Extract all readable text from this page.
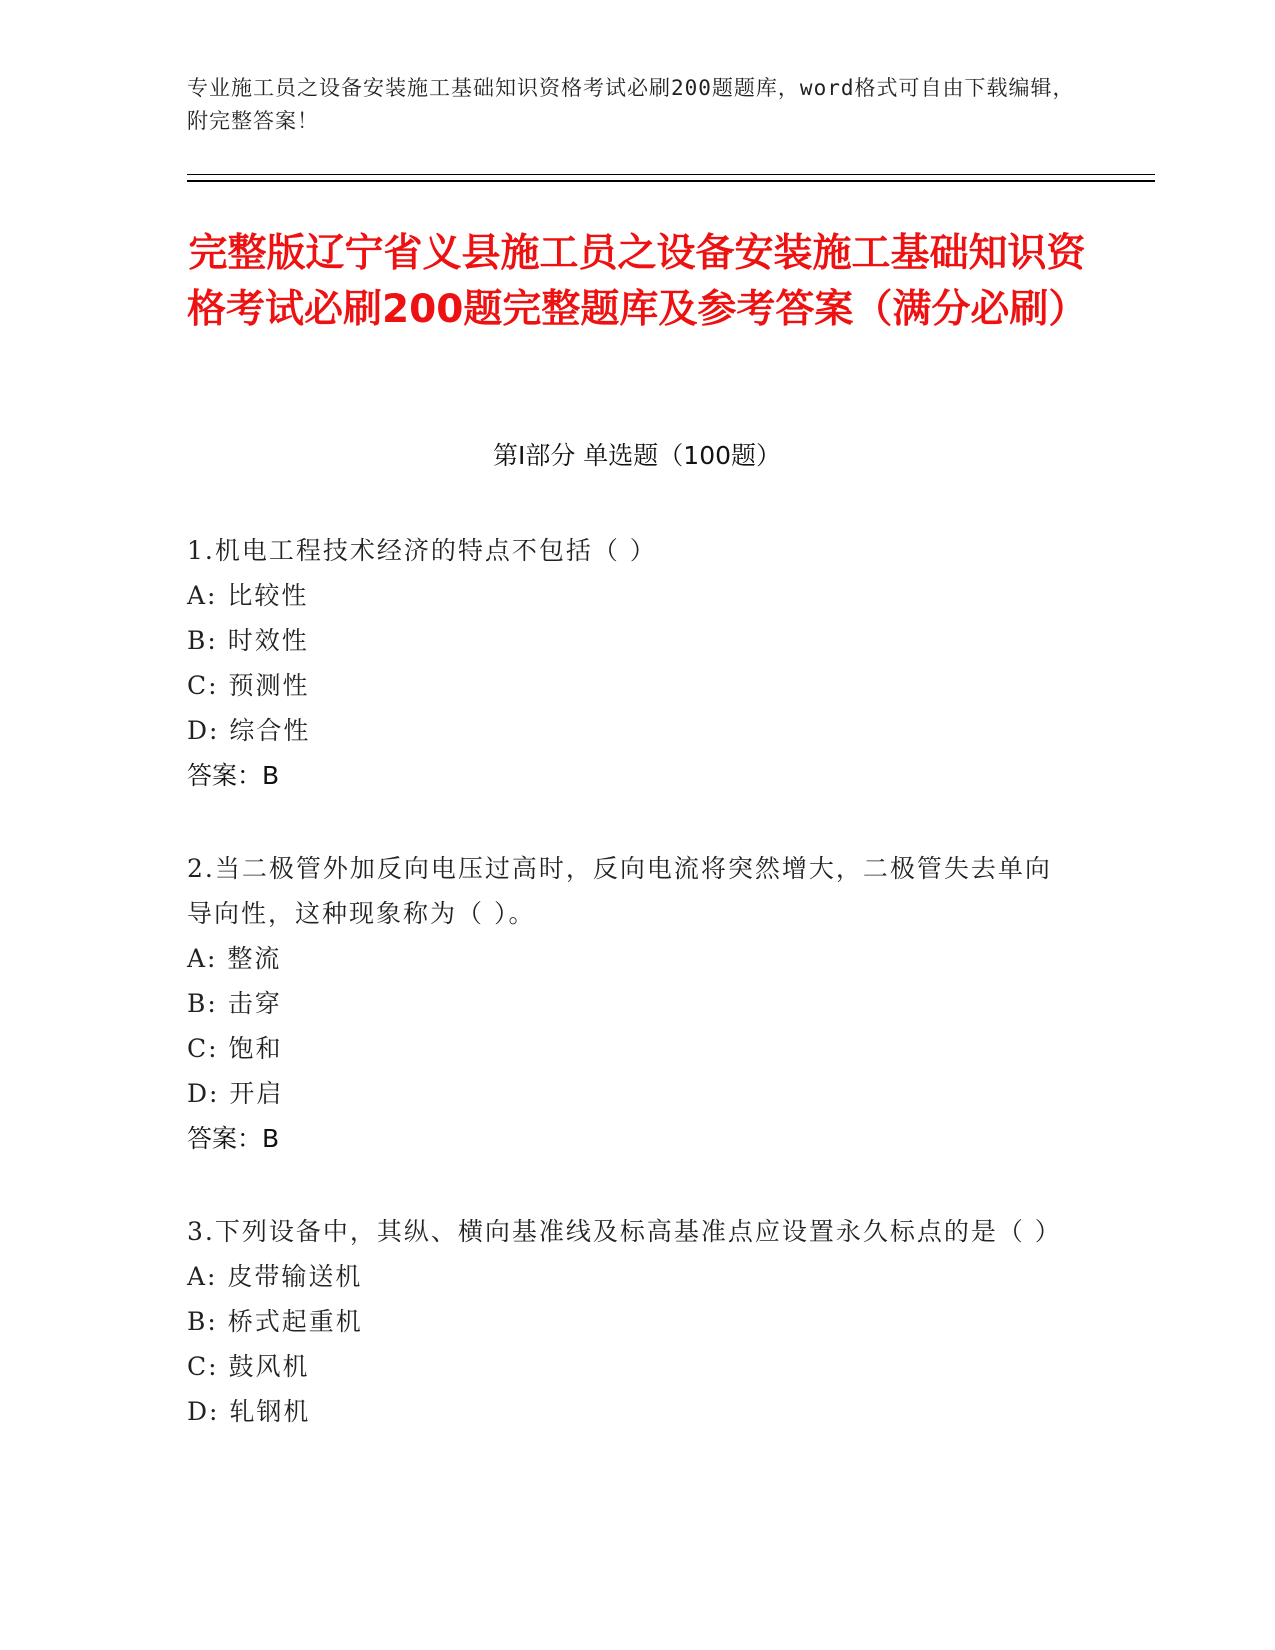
专业施工员之设备安装施工基础知识资格考试必刷200题题库，word格式可自由下载编辑，附完整答案！
完整版辽宁省义县施工员之设备安装施工基础知识资格考试必刷200题完整题库及参考答案（满分必刷）
第Ⅰ部分 单选题（100题）
1.机电工程技术经济的特点不包括（ ）
A: 比较性
B: 时效性
C: 预测性
D: 综合性
答案：B
2.当二极管外加反向电压过高时，反向电流将突然增大，二极管失去单向导向性，这种现象称为（ ）。
A: 整流
B: 击穿
C: 饱和
D: 开启
答案：B
3.下列设备中，其纵、横向基准线及标高基准点应设置永久标点的是（ ）
A: 皮带输送机
B: 桥式起重机
C: 鼓风机
D: 轧钢机
